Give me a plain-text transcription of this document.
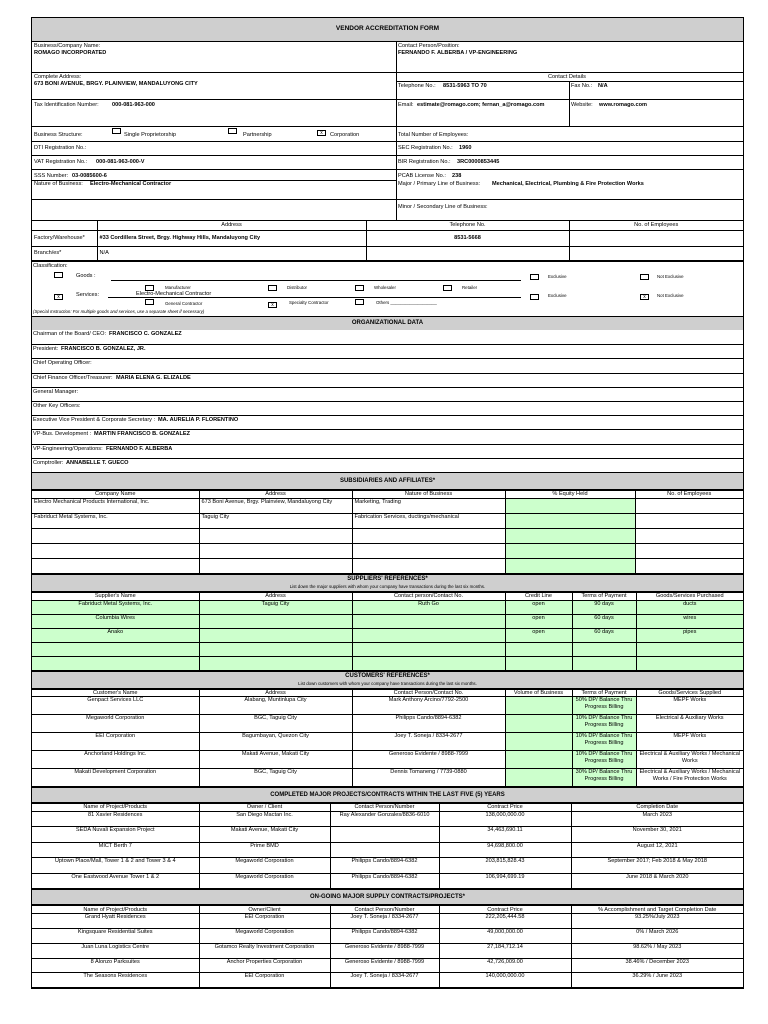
VENDOR ACCREDITATION FORM
Business/Company Name:
ROMAGO INCORPORATED
Contact Person/Position:
FERNANDO F. ALBERBA / VP-ENGINEERING
Complete Address:
673 BONI AVENUE, BRGY. PLAINVIEW, MANDALUYONG CITY
Contact Details
Telephone No.: 8531-5963 TO 70	Fax No.: N/A
Tax Identification Number: 000-081-963-000	Email: estimate@romago.com; fernan_a@romago.com	Website: www.romago.com
Business Structure:	Single Proprietorship	Partnership	x	Corporation	Total Number of Employees:
DTI Registration No.:	SEC Registration No.: 1960
VAT Registration No.: 000-081-963-000-V	BIR Registration No.: 3RC0000853445
SSS Number: 03-0085600-6	PCAB License No.: 238
Nature of Business: Electro-Mechanical Contractor	Major / Primary Line of Business: Mechanical, Electrical, Plumbing & Fire Protection Works
Minor / Secondary Line of Business:
	Address	Telephone No.	No. of Employees
Factory/Warehouse*	#33 Cordillera Street, Brgy. Highway Hills, Mandaluyong City	8531-5668	
Branch/es*	N/A		
Classification:
Goods :	Exclusive	Not Exclusive
Manufacturer	Distributor	Wholesaler	Retailer
x	Services:	Electro-Mechanical Contractor	Exclusive	x	Not Exclusive
General Contractor	x	Specialty Contractor	Others ___________________
(Special Instruction: For multiple goods and services, use a separate sheet if necessary)
ORGANIZATIONAL DATA
Chairman of the Board/ CEO: FRANCISCO C. GONZALEZ
President: FRANCISCO B. GONZALEZ, JR.
Chief Operating Officer:
Chief Finance Officer/Treasurer: MARIA ELENA G. ELIZALDE
General Manager:
Other Key Officers:
Executive Vice President & Corporate Secretary : MA. AURELIA P. FLORENTINO
VP-Bus. Development : MARTIN FRANCISCO B. GONZALEZ
VP-Engineering/Operations: FERNANDO F. ALBERBA
Comptroller: ANNABELLE T. GUECO
SUBSIDIARIES AND AFFILIATES*
Company Name	Address	Nature of Business	% Equity Held	No. of Employees
Electro Mechanical Products International, Inc.	673 Boni Avenue, Brgy. Plainview, Mandaluyong City	Marketing, Trading		
Fabriduct Metal Systems, Inc.	Taguig City	Fabrication Services, ductings/mechanical		

SUPPLIERS' REFERENCES*
List down the major suppliers with whom your company have transactions during the last six months.
Supplier's Name	Address	Contact person/Contact No.	Credit Line	Terms of Payment	Goods/Services Purchased
Fabriduct Metal Systems, Inc.	Taguig City	Ruth Go	open	90 days	ducts
Columbia Wires			open	60 days	wires
Anako			open	60 days	pipes

CUSTOMERS' REFERENCES*
List down customers with whom your company have transactions during the last six months.
Customer's Name	Address	Contact Person/Contact No.	Volume of Business	Terms of Payment	Goods/Services Supplied
Genpact Services LLC	Alabang, Muntinlupa City	Mark Anthony Arcino/7792-2500		50% DP/ Balance Thru Progress Billing	MEPF Works
Megaworld Corporation	BGC, Taguig City	Philipps Cando/8894-6382		10% DP/ Balance Thru Progress Billing	Electrical & Auxiliary Works
EEI Corporation	Bagumbayan, Quezon City	Joey T. Soneja / 8334-2677		10% DP/ Balance Thru Progress Billing	MEPF Works
Anchorland Holdings Inc.	Makati Avenue, Makati City	Generoso Evidente / 8988-7999		10% DP/ Balance Thru Progress Billing	Electrical & Auxiliary Works / Mechanical Works
Makati Development Corporation	BGC, Taguig City	Dennis Tomaneng / 7739-0880		30% DP/ Balance Thru Progress Billing	Electrical & Auxiliary Works / Mechanical Works / Fire Protection Works
COMPLETED MAJOR PROJECTS/CONTRACTS WITHIN THE LAST FIVE (5) YEARS
Name of Project/Products	Owner / Client	Contact Person/Number	Contract Price	Completion Date
81 Xavier Residences	San Diego Mactan Inc.	Ray Alexander Gonzales/8836-6010	138,000,000.00	March 2023
SEDA Nuvali Expansion Project	Makati Avenue, Makati City		34,463,690.11	November 30, 2021
MICT Berth 7	Prime BMD		94,698,800.00	August 12, 2021
Uptown Place/Mall, Tower 1 & 2 and Tower 3 & 4	Megaworld Corporation	Philipps Cando/8894-6382	203,815,828.43	September 2017; Feb 2018 & May 2018
One Eastwood Avenue Tower 1 & 2	Megaworld Corporation	Philipps Cando/8894-6382	106,994,699.19	June 2018 & March 2020
ON-GOING MAJOR SUPPLY CONTRACTS/PROJECTS*
Name of Project/Products	Owner/Client	Contact Person/Number	Contract Price	% Accomplishment and Target Completion Date
Grand Hyatt Residences	EEI Corporation	Joey T. Soneja / 8334-2677	222,205,444.58	93.25%/July 2023
Kingsquare Residential Suites	Megaworld Corporation	Philipps Cando/8894-6382	49,000,000.00	0% / March 2026
Juan Luna Logistics Centre	Gotamco Realty Investment Corporation	Generoso Evidente / 8988-7999	27,184,712.14	98.62% / May 2023
8 Alonzo Parksuites	Anchor Properties Corporation	Generoso Evidente / 8988-7999	42,726,009.00	38.46% / December 2023
The Seasons Residences	EEI Corporation	Joey T. Soneja / 8334-2677	140,000,000.00	36.29% / June 2023
